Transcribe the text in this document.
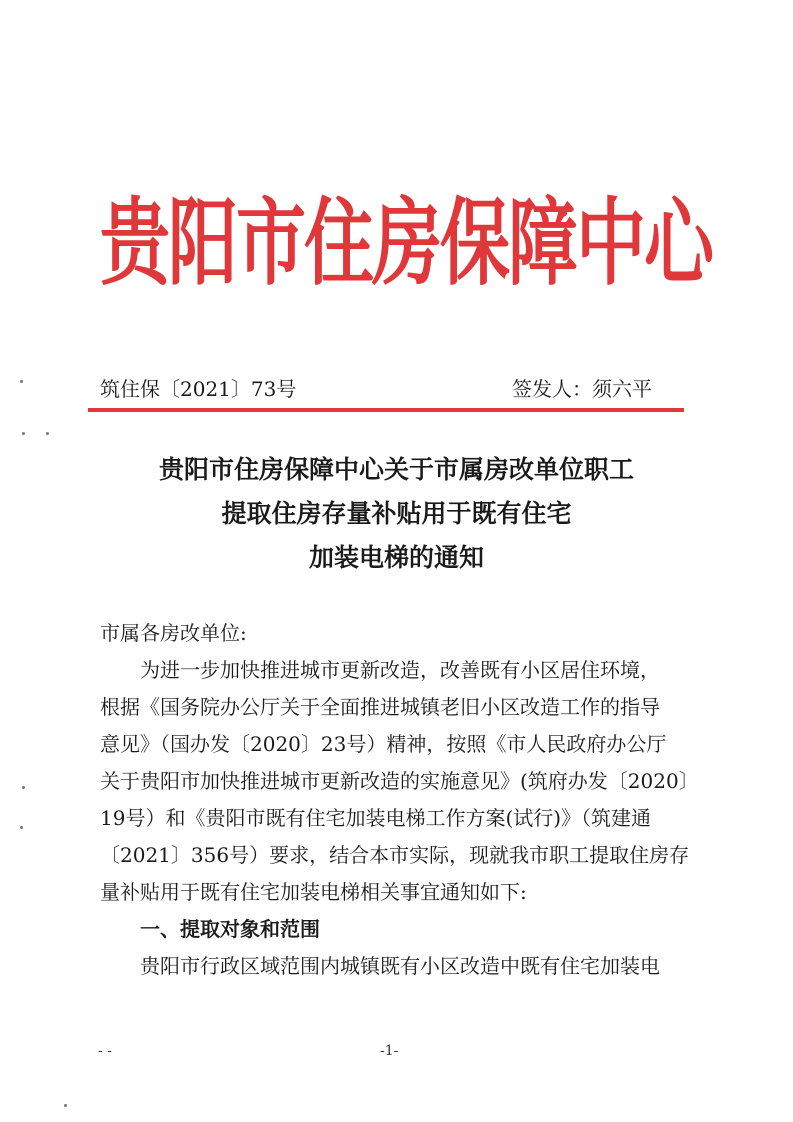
贵阳市住房保障中心
筑住保〔2021〕73号	签发人：须六平
贵阳市住房保障中心关于市属房改单位职工
提取住房存量补贴用于既有住宅
加装电梯的通知

市属各房改单位:

为进一步加快推进城市更新改造，改善既有小区居住环境，

根据《国务院办公厅关于全面推进城镇老旧小区改造工作的指导

意见》（国办发〔2020〕23号）精神，按照《市人民政府办公厅

关于贵阳市加快推进城市更新改造的实施意见》(筑府办发〔2020〕

19号）和《贵阳市既有住宅加装电梯工作方案(试行)》（筑建通

〔2021〕356号）要求，结合本市实际，现就我市职工提取住房存

量补贴用于既有住宅加装电梯相关事宜通知如下:

一、提取对象和范围

贵阳市行政区域范围内城镇既有小区改造中既有住宅加装电

- -	-1-
